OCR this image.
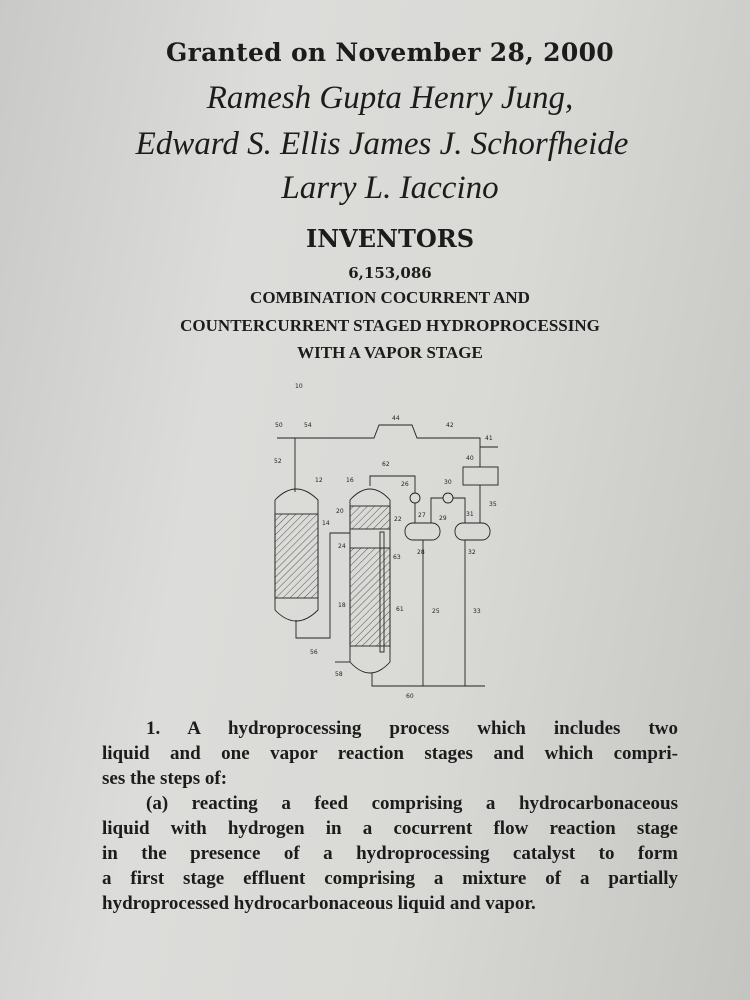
Granted on November 28, 2000
Ramesh Gupta Henry Jung,
Edward S. Ellis James J. Schorfheide
Larry L. Iaccino
INVENTORS
6,153,086
COMBINATION COCURRENT AND
COUNTERCURRENT STAGED HYDROPROCESSING
WITH A VAPOR STAGE
10
50	54
44
42
41
52	40
12	16
62
26	30
35
14
20
22
27 29
31
24
63
28	32
18
61	25	33
56
58
60
1. A hydroprocessing process which includes two
liquid and one vapor reaction stages and which compri-
ses the steps of:
(a) reacting a feed comprising a hydrocarbonaceous
liquid with hydrogen in a cocurrent flow reaction stage
in the presence of a hydroprocessing catalyst to form
a first stage effluent comprising a mixture of a partially
hydroprocessed hydrocarbonaceous liquid and vapor.
